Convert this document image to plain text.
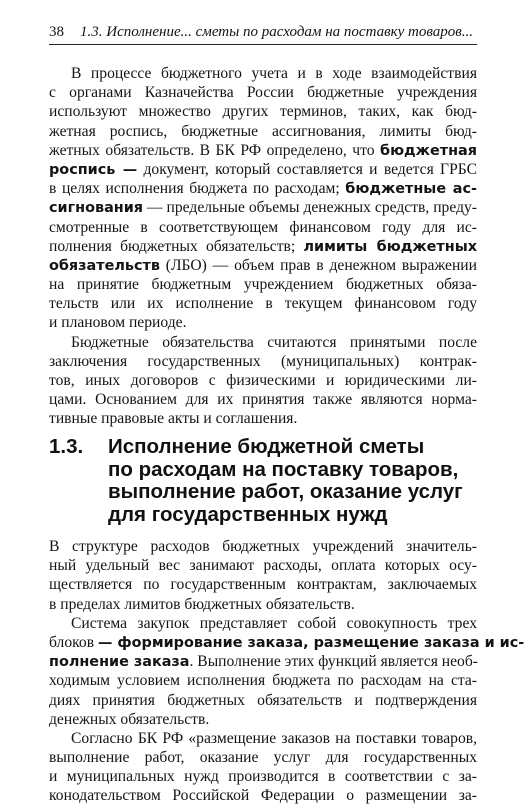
38 1.3. Исполнение... сметы по расходам на поставку товаров...
В процессе бюджетного учета и в ходе взаимодействия
с органами Казначейства России бюджетные учреждения
используют множество других терминов, таких, как бюд-
жетная роспись, бюджетные ассигнования, лимиты бюд-
жетных обязательств. В БК РФ определено, что бюджетная
роспись — документ, который составляется и ведется ГРБС
в целях исполнения бюджета по расходам; бюджетные ас-
сигнования — предельные объемы денежных средств, преду-
смотренные в соответствующем финансовом году для ис-
полнения бюджетных обязательств; лимиты бюджетных
обязательств (ЛБО) — объем прав в денежном выражении
на принятие бюджетным учреждением бюджетных обяза-
тельств или их исполнение в текущем финансовом году
и плановом периоде.
Бюджетные обязательства считаются принятыми после
заключения государственных (муниципальных) контрак-
тов, иных договоров с физическими и юридическими ли-
цами. Основанием для их принятия также являются норма-
тивные правовые акты и соглашения.
1.3. Исполнение бюджетной сметы
по расходам на поставку товаров,
выполнение работ, оказание услуг
для государственных нужд
В структуре расходов бюджетных учреждений значитель-
ный удельный вес занимают расходы, оплата которых осу-
ществляется по государственным контрактам, заключаемых
в пределах лимитов бюджетных обязательств.
Система закупок представляет собой совокупность трех
блоков — формирование заказа, размещение заказа и ис-
полнение заказа. Выполнение этих функций является необ-
ходимым условием исполнения бюджета по расходам на ста-
диях принятия бюджетных обязательств и подтверждения
денежных обязательств.
Согласно БК РФ «размещение заказов на поставки товаров,
выполнение работ, оказание услуг для государственных
и муниципальных нужд производится в соответствии с за-
конодательством Российской Федерации о размещении за-
